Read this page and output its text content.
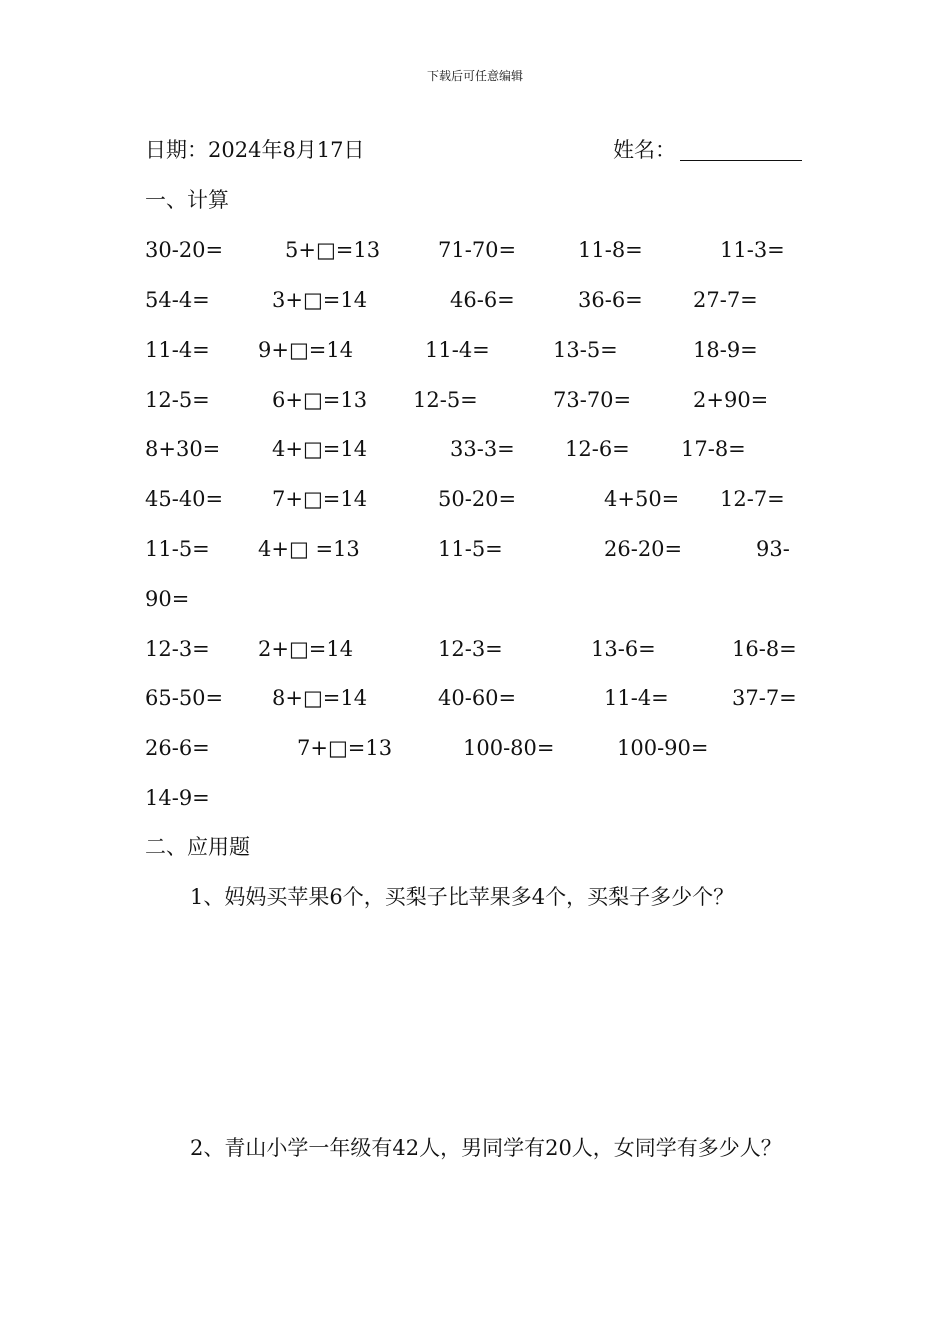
下载后可任意编辑
日期：2024年8月17日	姓名：
一、计算
30-20=	5+□=13	71-70=	11-8=	11-3=
54-4=	3+□=14	46-6=	36-6= 27-7=
11-4= 9+□=14	11-4=	13-5=	18-9=
12-5=	6+□=13 12-5=	73-70=	2+90=
8+30= 4+□=14	33-3= 12-6= 17-8=
45-40= 7+□=14	50-20=	4+50= 12-7=
11-5= 4+□ =13	11-5=	26-20=	93-
90=
12-3= 2+□=14	12-3=	13-6=	16-8=
65-50= 8+□=14	40-60=	11-4=	37-7=
26-6=	7+□=13	100-80=	100-90=
14-9=
二、应用题
1、妈妈买苹果6个，买梨子比苹果多4个，买梨子多少个？
2、青山小学一年级有42人，男同学有20人，女同学有多少人？
